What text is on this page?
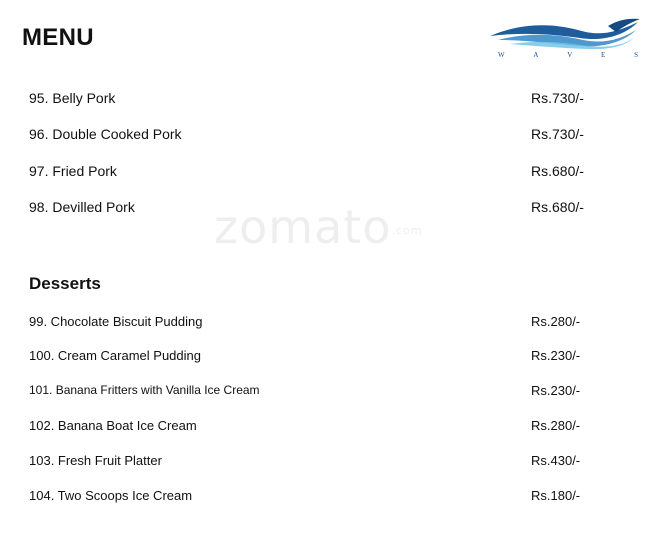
MENU
W	A	V	E	S
zomato.com
95. Belly Pork	Rs.730/-
96. Double Cooked Pork	Rs.730/-
97. Fried Pork	Rs.680/-
98. Devilled Pork	Rs.680/-
Desserts
99. Chocolate Biscuit Pudding	Rs.280/-
100. Cream Caramel Pudding	Rs.230/-
101. Banana Fritters with Vanilla Ice Cream	Rs.230/-
102. Banana Boat Ice Cream	Rs.280/-
103. Fresh Fruit Platter	Rs.430/-
104. Two Scoops Ice Cream	Rs.180/-
